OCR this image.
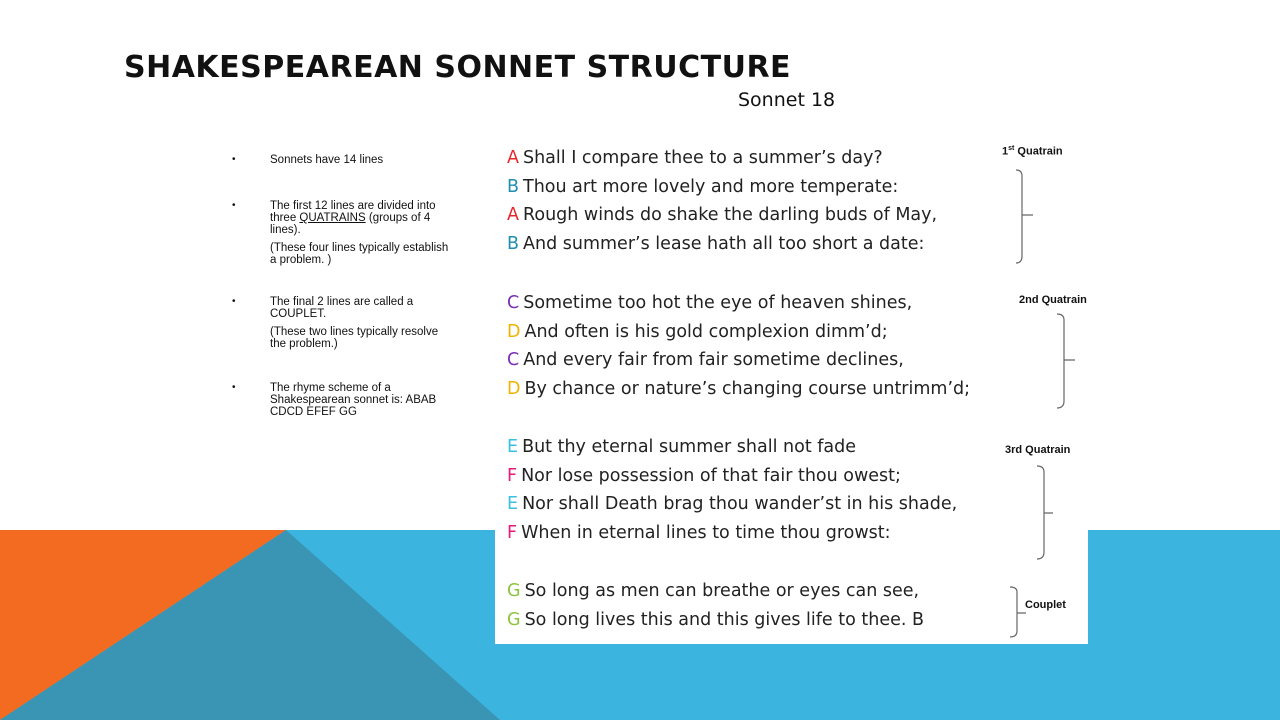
SHAKESPEAREAN SONNET STRUCTURE
Sonnet 18

• Sonnets have 14 lines

• The first 12 lines are divided into three QUATRAINS (groups of 4 lines).

(These four lines typically establish a problem. )

• The final 2 lines are called a COUPLET.

(These two lines typically resolve the problem.)

• The rhyme scheme of a Shakespearean sonnet is: ABAB CDCD EFEF GG

A Shall I compare thee to a summer’s day?
B Thou art more lovely and more temperate:
A Rough winds do shake the darling buds of May,
B And summer’s lease hath all too short a date:
C Sometime too hot the eye of heaven shines,
D And often is his gold complexion dimm’d;
C And every fair from fair sometime declines,
D By chance or nature’s changing course untrimm’d;
E But thy eternal summer shall not fade
F Nor lose possession of that fair thou owest;
E Nor shall Death brag thou wander’st in his shade,
F When in eternal lines to time thou growst:
G So long as men can breathe or eyes can see,
G So long lives this and this gives life to thee. B
1st Quatrain
2nd Quatrain
3rd Quatrain
Couplet
